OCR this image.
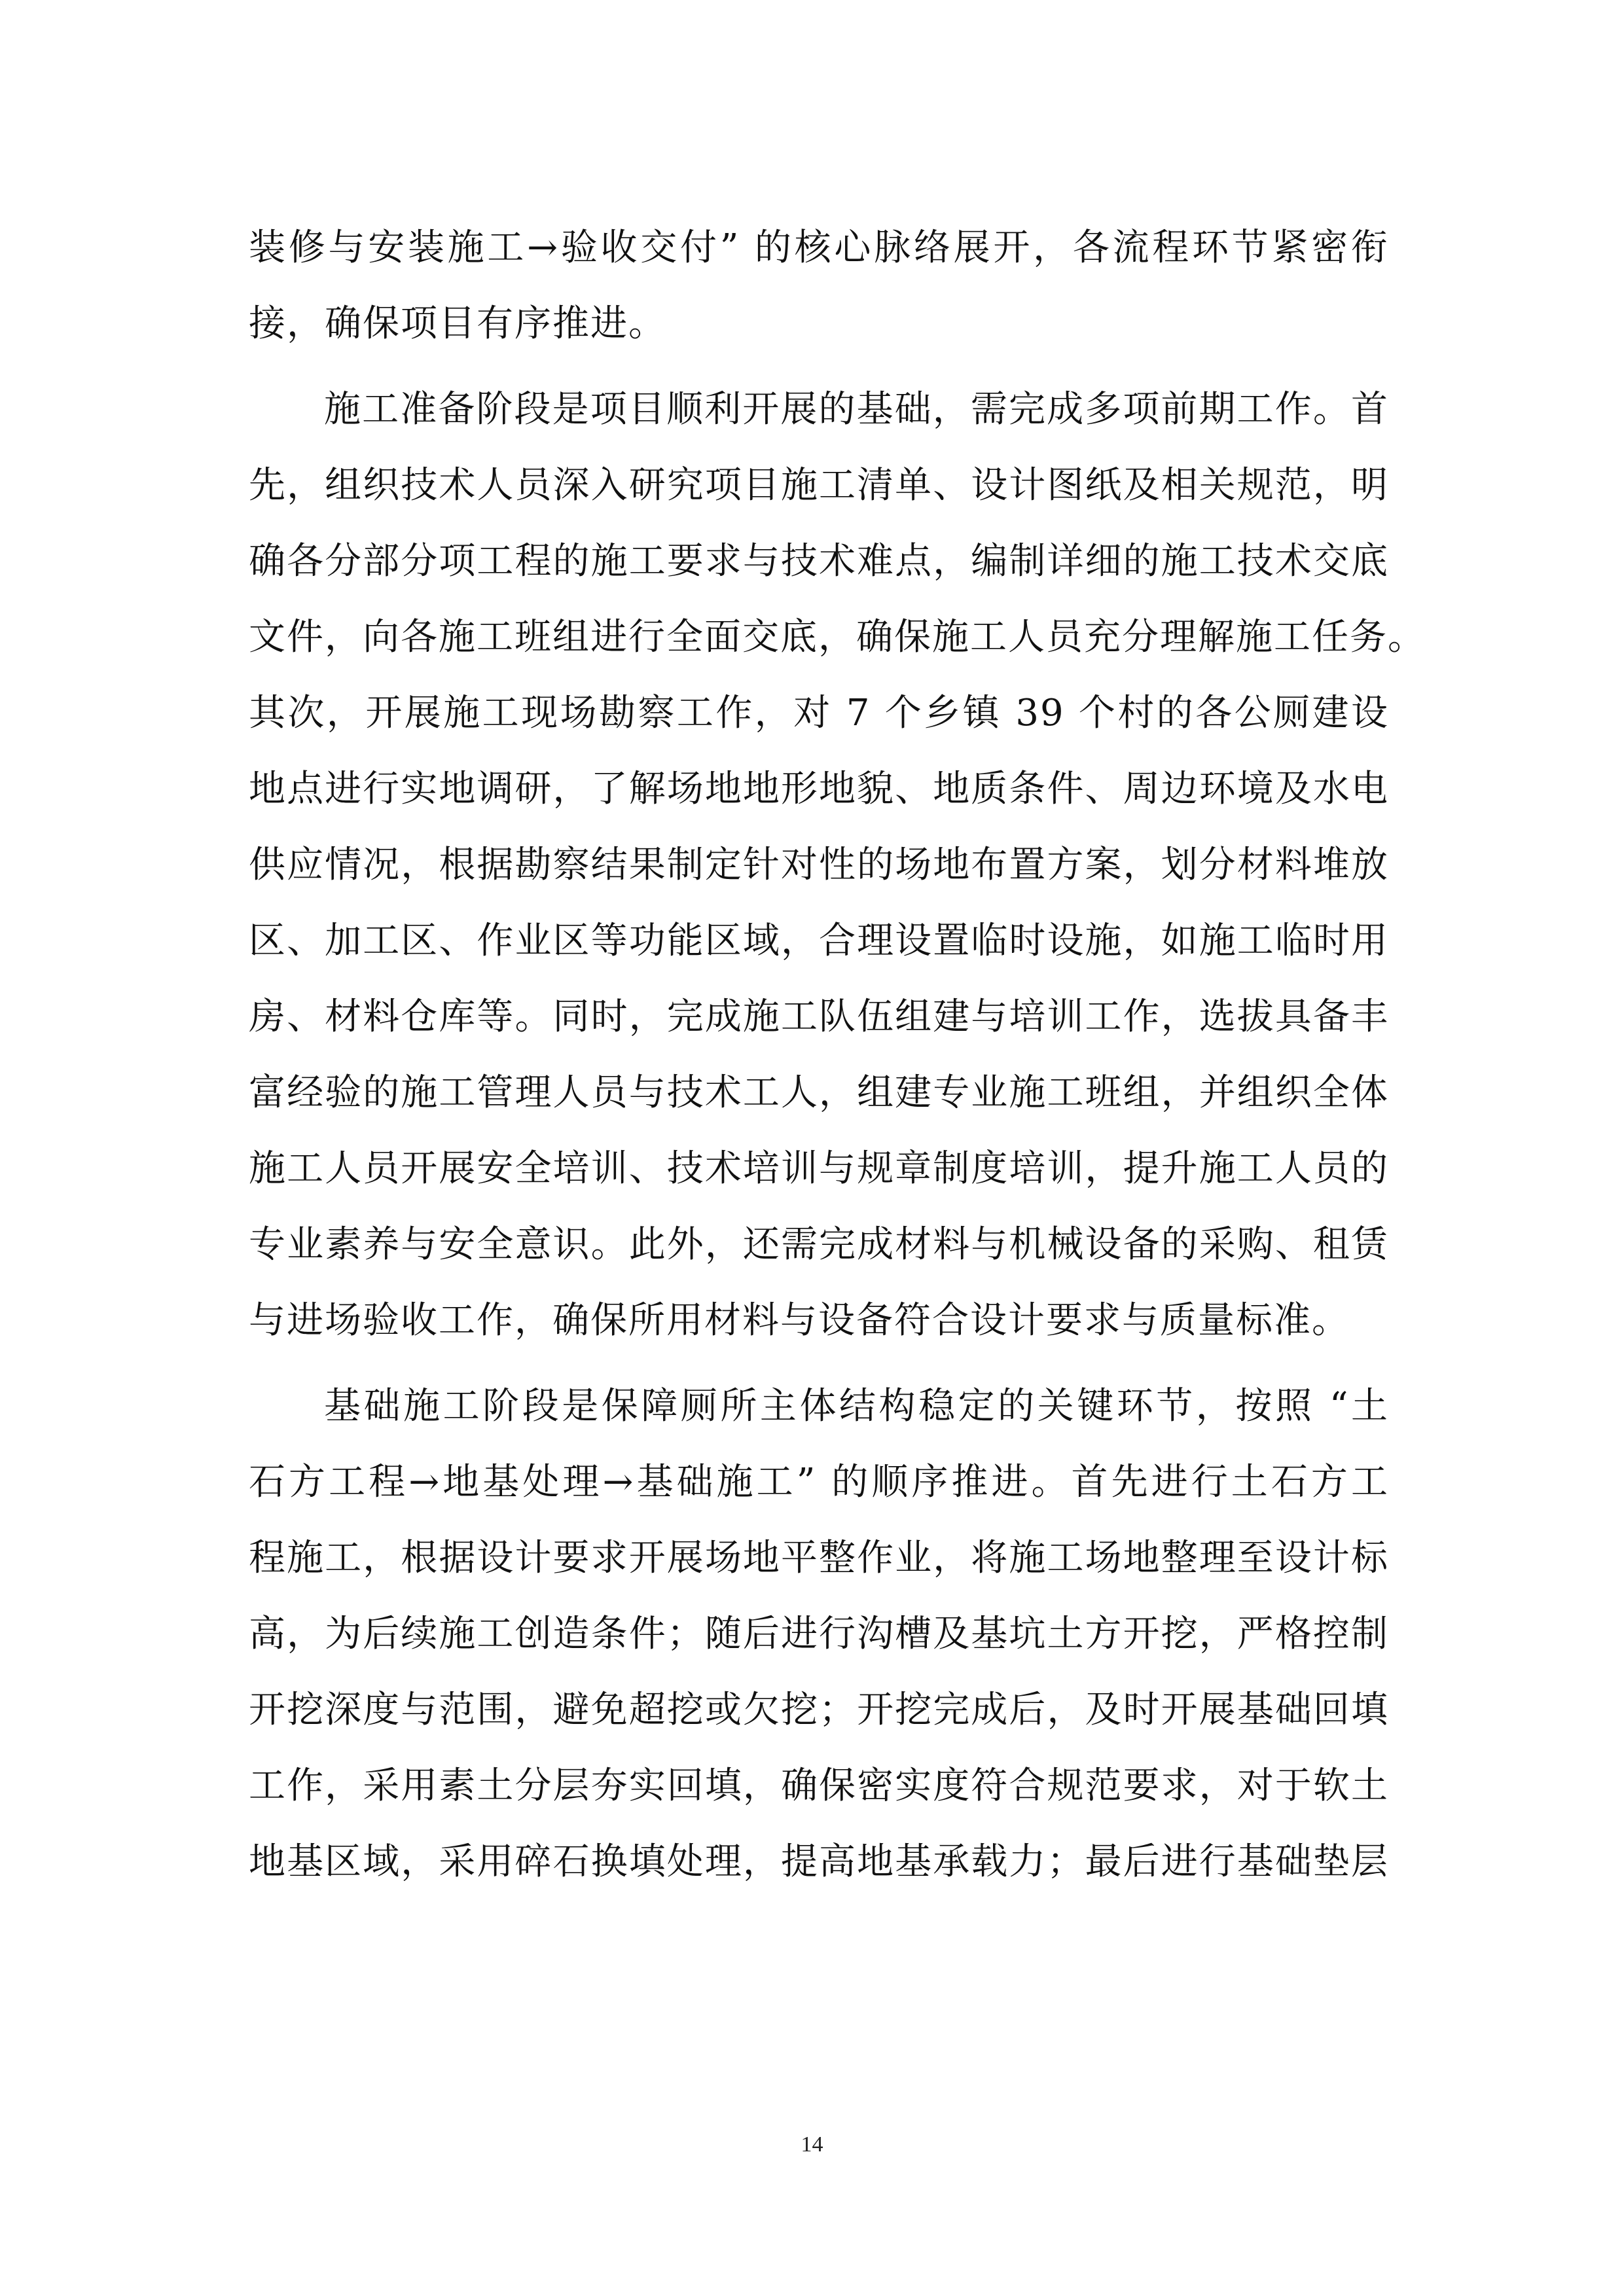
装修与安装施工→验收交付” 的核心脉络展开，各流程环节紧密衔

接，确保项目有序推进。

施工准备阶段是项目顺利开展的基础，需完成多项前期工作。首

先，组织技术人员深入研究项目施工清单、设计图纸及相关规范，明

确各分部分项工程的施工要求与技术难点，编制详细的施工技术交底

文件，向各施工班组进行全面交底，确保施工人员充分理解施工任务。

其次，开展施工现场勘察工作，对 7 个乡镇 39 个村的各公厕建设

地点进行实地调研，了解场地地形地貌、地质条件、周边环境及水电

供应情况，根据勘察结果制定针对性的场地布置方案，划分材料堆放

区、加工区、作业区等功能区域，合理设置临时设施，如施工临时用

房、材料仓库等。同时，完成施工队伍组建与培训工作，选拔具备丰

富经验的施工管理人员与技术工人，组建专业施工班组，并组织全体

施工人员开展安全培训、技术培训与规章制度培训，提升施工人员的

专业素养与安全意识。此外，还需完成材料与机械设备的采购、租赁

与进场验收工作，确保所用材料与设备符合设计要求与质量标准。

基础施工阶段是保障厕所主体结构稳定的关键环节，按照 “土

石方工程→地基处理→基础施工” 的顺序推进。首先进行土石方工

程施工，根据设计要求开展场地平整作业，将施工场地整理至设计标

高，为后续施工创造条件；随后进行沟槽及基坑土方开挖，严格控制

开挖深度与范围，避免超挖或欠挖；开挖完成后，及时开展基础回填

工作，采用素土分层夯实回填，确保密实度符合规范要求，对于软土

地基区域，采用碎石换填处理，提高地基承载力；最后进行基础垫层

14
